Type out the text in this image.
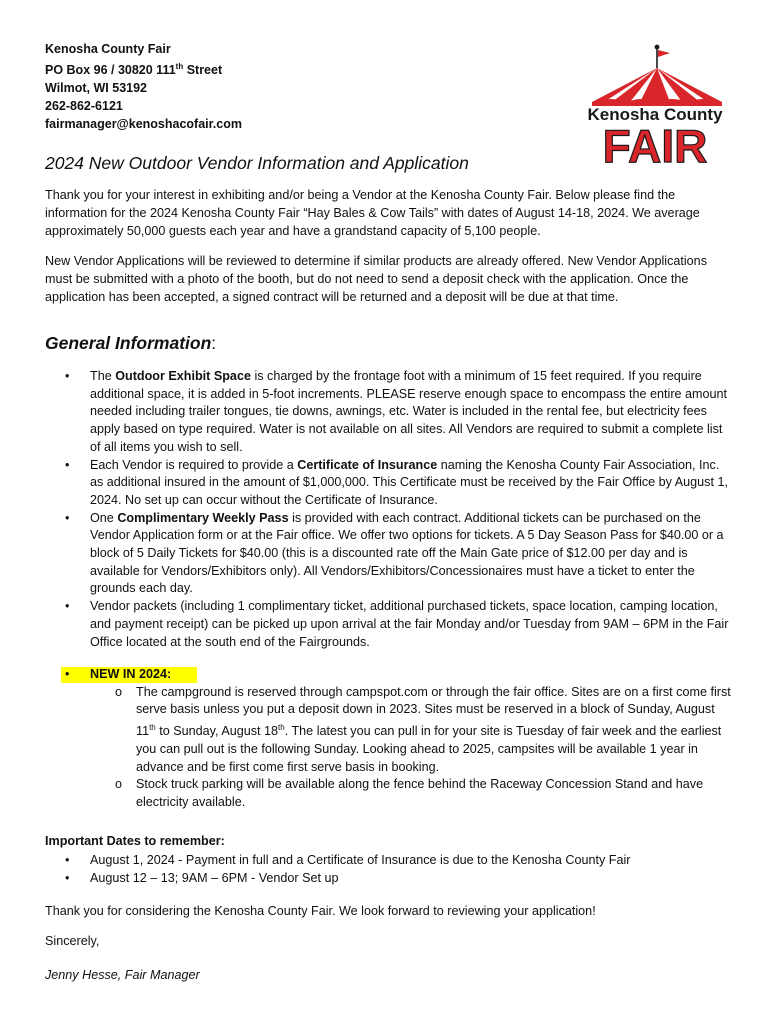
Kenosha County Fair
PO Box 96 / 30820 111th Street
Wilmot, WI 53192
262-862-6121
fairmanager@kenoshacofair.com
Kenosha County
FAIR
2024 New Outdoor Vendor Information and Application

Thank you for your interest in exhibiting and/or being a Vendor at the Kenosha County Fair. Below please find the information for the 2024 Kenosha County Fair “Hay Bales & Cow Tails” with dates of August 14-18, 2024. We average approximately 50,000 guests each year and have a grandstand capacity of 5,100 people.

New Vendor Applications will be reviewed to determine if similar products are already offered. New Vendor Applications must be submitted with a photo of the booth, but do not need to send a deposit check with the application. Once the application has been accepted, a signed contract will be returned and a deposit will be due at that time.

General Information:
• The Outdoor Exhibit Space is charged by the frontage foot with a minimum of 15 feet required. If you require additional space, it is added in 5-foot increments. PLEASE reserve enough space to encompass the entire amount needed including trailer tongues, tie downs, awnings, etc. Water is included in the rental fee, but electricity fees apply based on type required. Water is not available on all sites. All Vendors are required to submit a complete list of all items you wish to sell.
• Each Vendor is required to provide a Certificate of Insurance naming the Kenosha County Fair Association, Inc. as additional insured in the amount of $1,000,000. This Certificate must be received by the Fair Office by August 1, 2024. No set up can occur without the Certificate of Insurance.
• One Complimentary Weekly Pass is provided with each contract. Additional tickets can be purchased on the Vendor Application form or at the Fair office. We offer two options for tickets. A 5 Day Season Pass for $40.00 or a block of 5 Daily Tickets for $40.00 (this is a discounted rate off the Main Gate price of $12.00 per day and is available for Vendors/Exhibitors only). All Vendors/Exhibitors/Concessionaires must have a ticket to enter the grounds each day.
• Vendor packets (including 1 complimentary ticket, additional purchased tickets, space location, camping location, and payment receipt) can be picked up upon arrival at the fair Monday and/or Tuesday from 9AM – 6PM in the Fair Office located at the south end of the Fairgrounds.
• NEW IN 2024:
o The campground is reserved through campspot.com or through the fair office. Sites are on a first come first serve basis unless you put a deposit down in 2023. Sites must be reserved in a block of Sunday, August 11th to Sunday, August 18th. The latest you can pull in for your site is Tuesday of fair week and the earliest you can pull out is the following Sunday. Looking ahead to 2025, campsites will be available 1 year in advance and be first come first serve basis in booking.
o Stock truck parking will be available along the fence behind the Raceway Concession Stand and have electricity available.
Important Dates to remember:
• August 1, 2024 - Payment in full and a Certificate of Insurance is due to the Kenosha County Fair
• August 12 – 13; 9AM – 6PM - Vendor Set up
Thank you for considering the Kenosha County Fair. We look forward to reviewing your application!
Sincerely,
Jenny Hesse, Fair Manager
